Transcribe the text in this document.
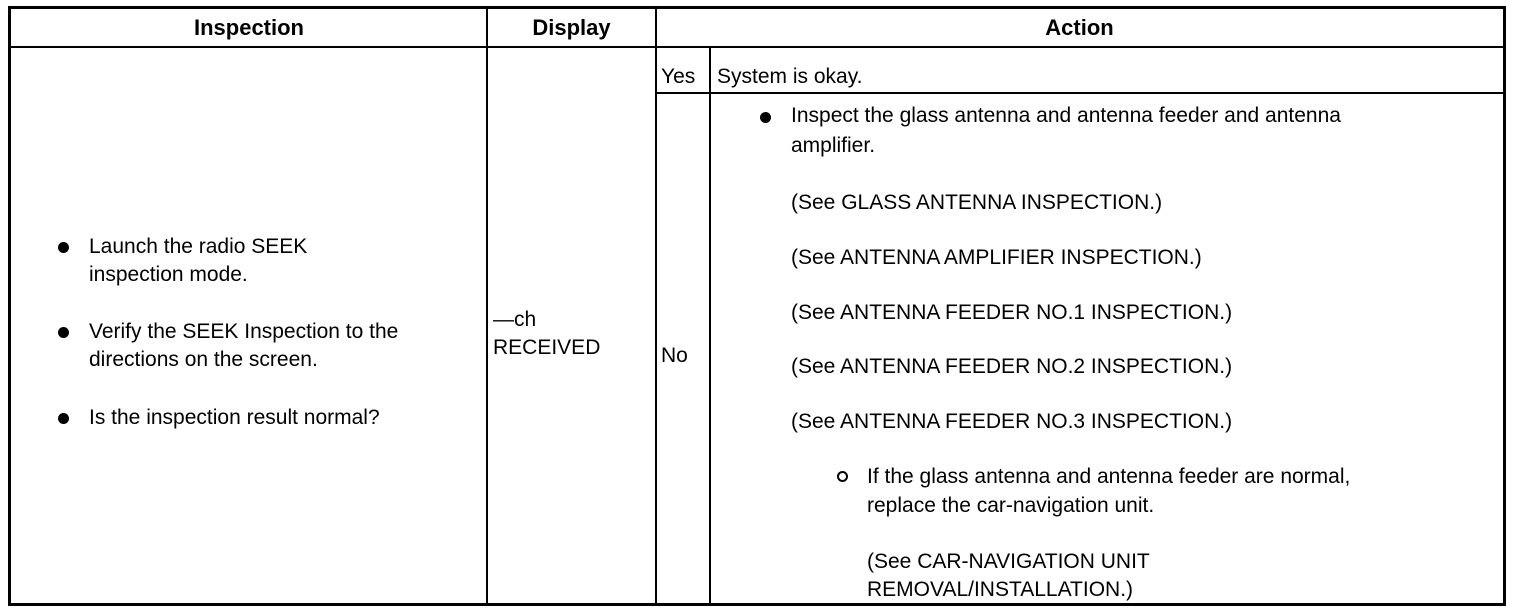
Inspection	Display	Action
Launch the radio SEEK inspection mode.
Verify the SEEK Inspection to the directions on the screen.
Is the inspection result normal?
—ch
RECEIVED
Yes System is okay.
No
Inspect the glass antenna and antenna feeder and antenna
amplifier.
(See GLASS ANTENNA INSPECTION.)
(See ANTENNA AMPLIFIER INSPECTION.)
(See ANTENNA FEEDER NO.1 INSPECTION.)
(See ANTENNA FEEDER NO.2 INSPECTION.)
(See ANTENNA FEEDER NO.3 INSPECTION.)
If the glass antenna and antenna feeder are normal,
replace the car-navigation unit.
(See CAR-NAVIGATION UNIT
REMOVAL/INSTALLATION.)
